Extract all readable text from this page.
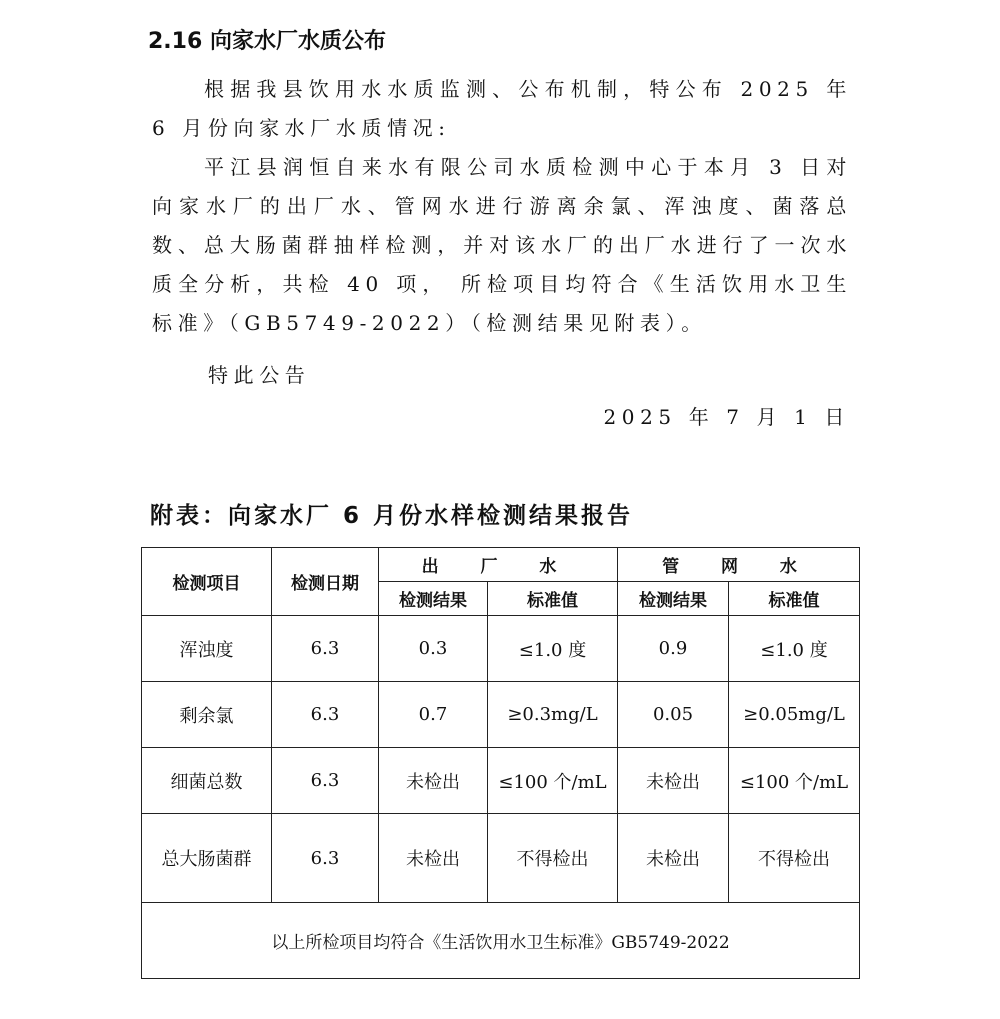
2.16 向家水厂水质公布
根据我县饮用水水质监测、公布机制，特公布 2025 年 6 月份向家水厂水质情况:
平江县润恒自来水有限公司水质检测中心于本月 3 日对向家水厂的出厂水、管网水进行游离余氯、浑浊度、菌落总数、总大肠菌群抽样检测，并对该水厂的出厂水进行了一次水质全分析，共检 40 项， 所检项目均符合《生活饮用水卫生标准》（GB5749-2022）（检测结果见附表）。
特此公告
2025 年 7 月 1 日
附表：向家水厂 6 月份水样检测结果报告
检测项目	检测日期	出 厂 水		管 网 水	
		检测结果	标准值	检测结果	标准值
浑浊度	6.3	0.3	≤1.0 度	0.9	≤1.0 度
剩余氯	6.3	0.7	≥0.3mg/L	0.05	≥0.05mg/L
细菌总数	6.3	未检出	≤100 个/mL	未检出	≤100 个/mL
总大肠菌群	6.3	未检出	不得检出	未检出	不得检出
以上所检项目均符合《生活饮用水卫生标准》GB5749-2022					
